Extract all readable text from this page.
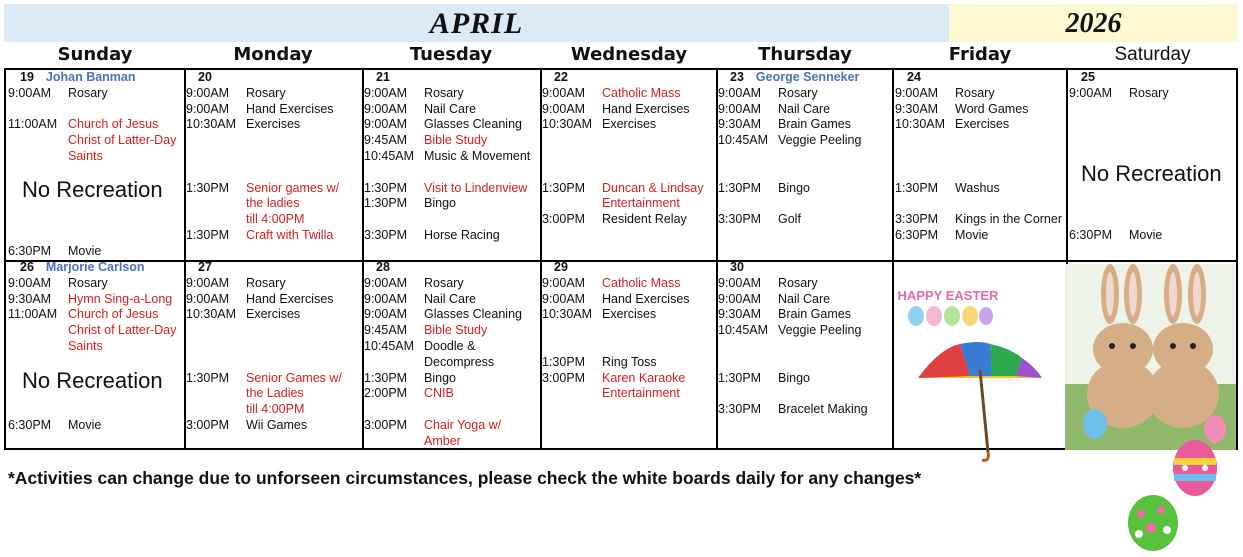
APRIL	2026
Sunday	Monday	Tuesday	Wednesday	Thursday	Friday	Saturday
19 Johan Banman
9:00AM	Rosary
11:00AM Church of Jesus
Christ of Latter-Day
Saints
6:30PM	Movie
No Recreation
20
9:00AM	Rosary
9:00AM	Hand Exercises
10:30AM Exercises
1:30PM	Senior games w/
the ladies
till 4:00PM
1:30PM	Craft with Twilla
21
9:00AM	Rosary
9:00AM	Nail Care
9:00AM	Glasses Cleaning
9:45AM	Bible Study
10:45AM Music & Movement
1:30PM	Visit to Lindenview
1:30PM	Bingo
3:30PM	Horse Racing
22
9:00AM	Catholic Mass
9:00AM	Hand Exercises
10:30AM Exercises
1:30PM	Duncan & Lindsay
Entertainment
3:00PM	Resident Relay
23 George Senneker
9:00AM	Rosary
9:00AM	Nail Care
9:30AM	Brain Games
10:45AM Veggie Peeling
1:30PM	Bingo
3:30PM	Golf
24
9:00AM	Rosary
9:30AM	Word Games
10:30AM Exercises
1:30PM	Washus
3:30PM	Kings in the Corner
6:30PM	Movie
25
9:00AM	Rosary
6:30PM	Movie
No Recreation
26 Marjorie Carlson
9:00AM	Rosary
9:30AM	Hymn Sing-a-Long
11:00AM Church of Jesus
Christ of Latter-Day
Saints
6:30PM	Movie
No Recreation
27
9:00AM	Rosary
9:00AM	Hand Exercises
10:30AM Exercises
1:30PM	Senior Games w/
the Ladies
till 4:00PM
3:00PM	Wii Games
28
9:00AM	Rosary
9:00AM	Nail Care
9:00AM	Glasses Cleaning
9:45AM	Bible Study
10:45AM Doodle &
Decompress
1:30PM	Bingo
2:00PM	CNIB
3:00PM	Chair Yoga w/
Amber
29
9:00AM	Catholic Mass
9:00AM	Hand Exercises
10:30AM Exercises
1:30PM	Ring Toss
3:00PM	Karen Karaoke
Entertainment
30
9:00AM	Rosary
9:00AM	Nail Care
9:30AM	Brain Games
10:45AM Veggie Peeling
1:30PM	Bingo
3:30PM	Bracelet Making
HAPPY EASTER
*Activities can change due to unforseen circumstances, please check the white boards daily for any changes*
